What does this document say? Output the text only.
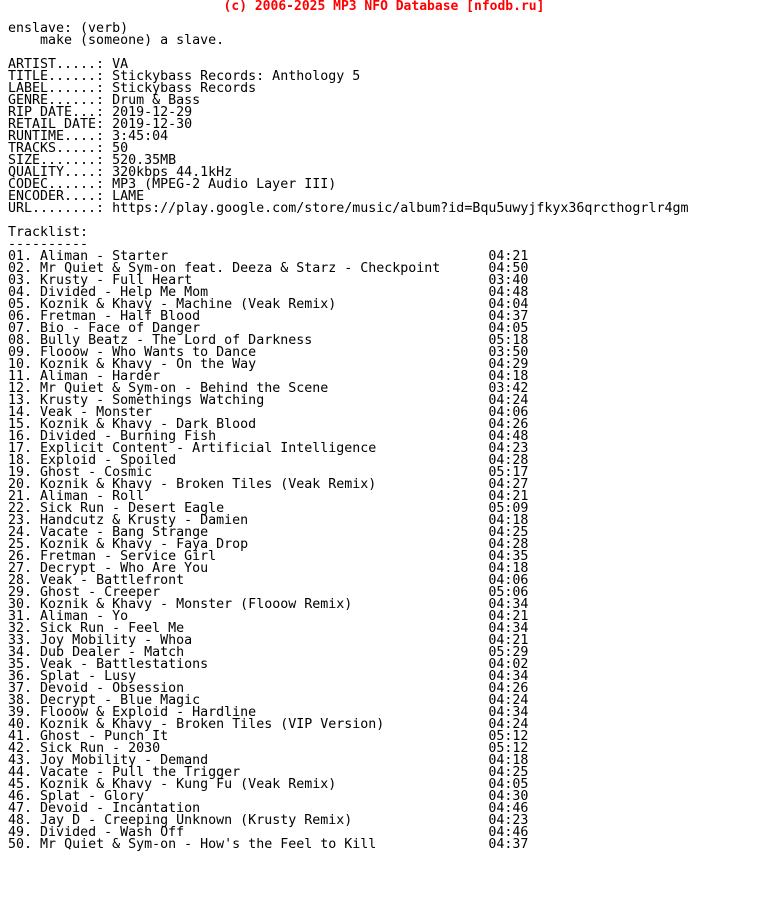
(c) 2006-2025 MP3 NFO Database [nfodb.ru]
enslave: (verb)
make (someone) a slave.

ARTIST.....: VA
TITLE......: Stickybass Records: Anthology 5
LABEL......: Stickybass Records
GENRE......: Drum & Bass
RIP DATE...: 2019-12-29
RETAIL DATE: 2019-12-30
RUNTIME....: 3:45:04
TRACKS.....: 50
SIZE.......: 520.35MB
QUALITY....: 320kbps 44.1kHz
CODEC......: MP3 (MPEG-2 Audio Layer III)
ENCODER....: LAME
URL........: https://play.google.com/store/music/album?id=Bqu5uwyjfkyx36qrcthogrlr4gm

Tracklist:
----------
01. Aliman - Starter	04:21
02. Mr Quiet & Sym-on feat. Deeza & Starz - Checkpoint	04:50
03. Krusty - Full Heart	03:40
04. Divided - Help Me Mom	04:48
05. Koznik & Khavy - Machine (Veak Remix)	04:04
06. Fretman - Half Blood	04:37
07. Bio - Face of Danger	04:05
08. Bully Beatz - The Lord of Darkness	05:18
09. Flooow - Who Wants to Dance	03:50
10. Koznik & Khavy - On the Way	04:29
11. Aliman - Harder	04:18
12. Mr Quiet & Sym-on - Behind the Scene	03:42
13. Krusty - Somethings Watching	04:24
14. Veak - Monster	04:06
15. Koznik & Khavy - Dark Blood	04:26
16. Divided - Burning Fish	04:48
17. Explicit Content - Artificial Intelligence	04:23
18. Exploid - Spoiled	04:28
19. Ghost - Cosmic	05:17
20. Koznik & Khavy - Broken Tiles (Veak Remix)	04:27
21. Aliman - Roll	04:21
22. Sick Run - Desert Eagle	05:09
23. Handcutz & Krusty - Damien	04:18
24. Vacate - Bang Strange	04:25
25. Koznik & Khavy - Faya Drop	04:28
26. Fretman - Service Girl	04:35
27. Decrypt - Who Are You	04:18
28. Veak - Battlefront	04:06
29. Ghost - Creeper	05:06
30. Koznik & Khavy - Monster (Flooow Remix)	04:34
31. Aliman - Yo	04:21
32. Sick Run - Feel Me	04:34
33. Joy Mobility - Whoa	04:21
34. Dub Dealer - Match	05:29
35. Veak - Battlestations	04:02
36. Splat - Lusy	04:34
37. Devoid - Obsession	04:26
38. Decrypt - Blue Magic	04:24
39. Flooow & Exploid - Hardline	04:34
40. Koznik & Khavy - Broken Tiles (VIP Version)	04:24
41. Ghost - Punch It	05:12
42. Sick Run - 2030	05:12
43. Joy Mobility - Demand	04:18
44. Vacate - Pull the Trigger	04:25
45. Koznik & Khavy - Kung Fu (Veak Remix)	04:05
46. Splat - Glory	04:30
47. Devoid - Incantation	04:46
48. Jay D - Creeping Unknown (Krusty Remix)	04:23
49. Divided - Wash Off	04:46
50. Mr Quiet & Sym-on - How's the Feel to Kill	04:37
